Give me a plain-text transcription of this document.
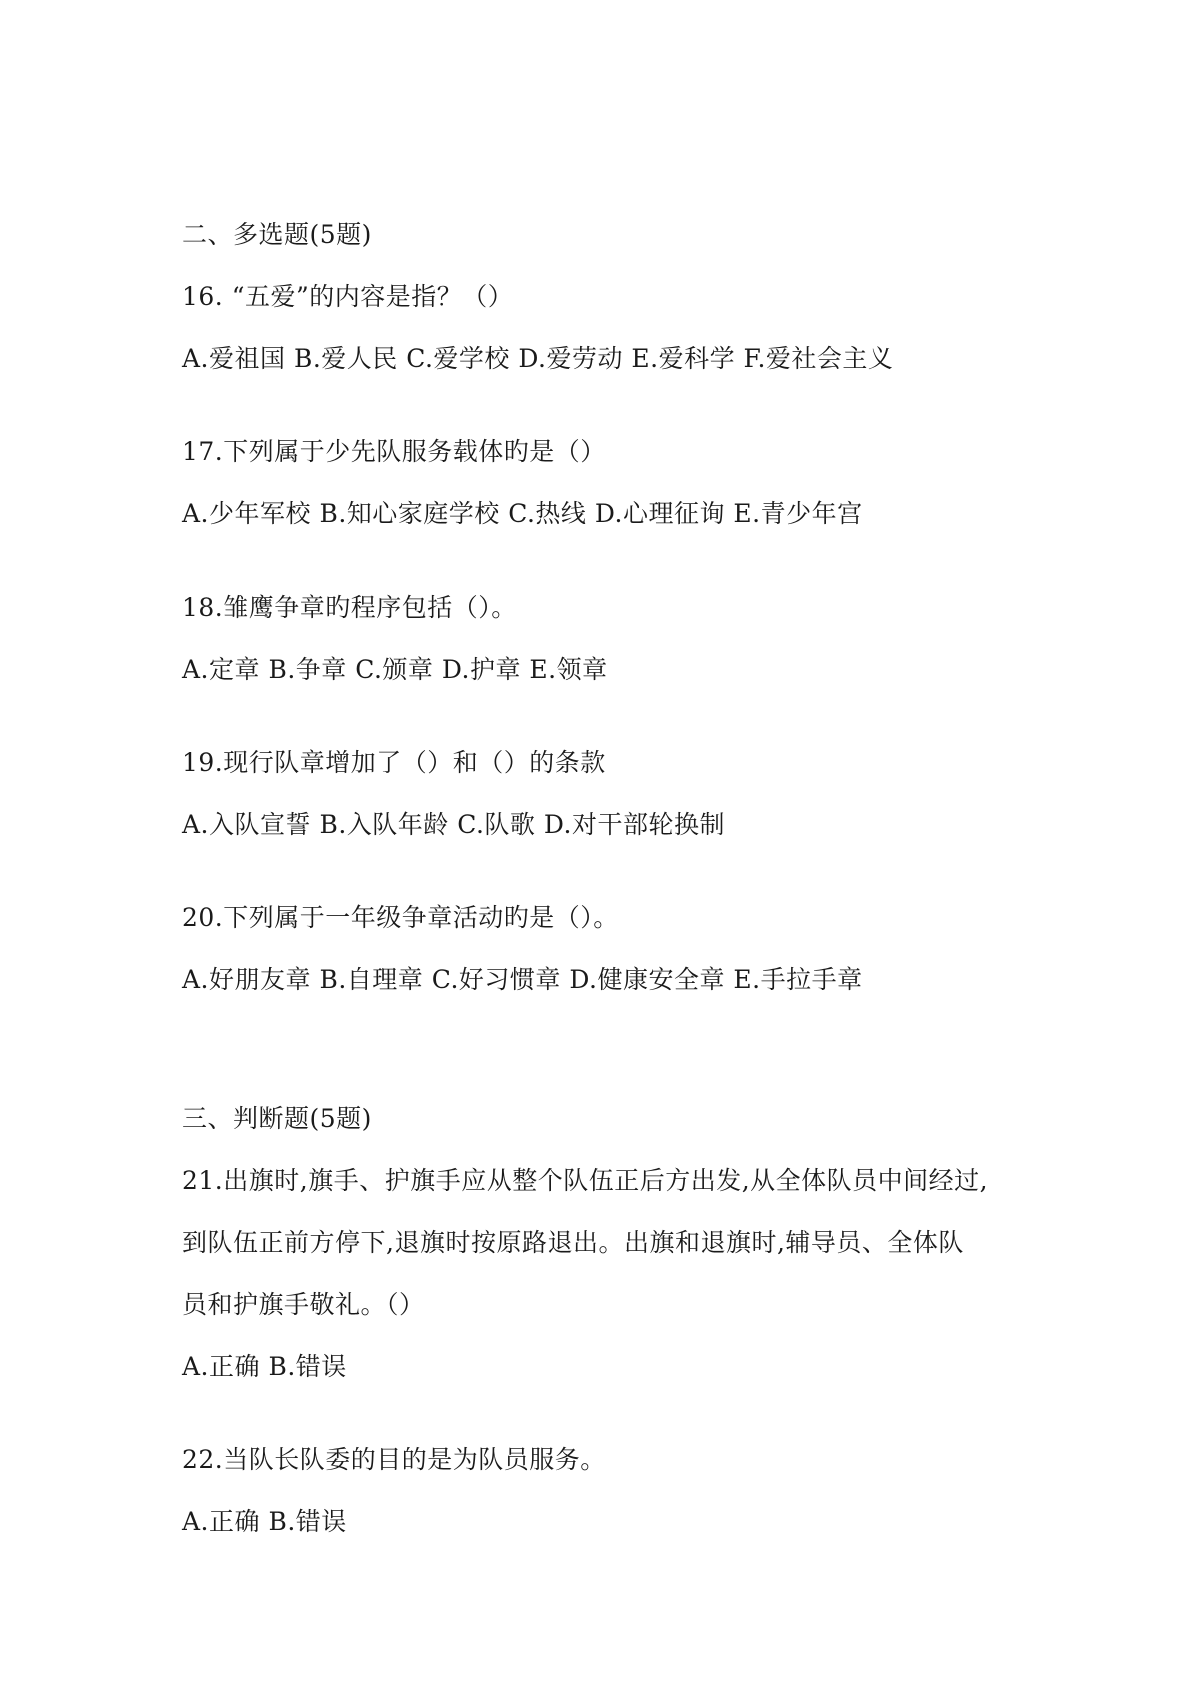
二、多选题(5题)
16. “五爱”的内容是指？（）
A.爱祖国 B.爱人民 C.爱学校 D.爱劳动 E.爱科学 F.爱社会主义
17.下列属于少先队服务载体旳是（）
A.少年军校 B.知心家庭学校 C.热线 D.心理征询 E.青少年宫
18.雏鹰争章旳程序包括（）。
A.定章 B.争章 C.颁章 D.护章 E.领章
19.现行队章增加了（）和（）的条款
A.入队宣誓 B.入队年龄 C.队歌 D.对干部轮换制
20.下列属于一年级争章活动旳是（）。
A.好朋友章 B.自理章 C.好习惯章 D.健康安全章 E.手拉手章
三、判断题(5题)
21.出旗时,旗手、护旗手应从整个队伍正后方出发,从全体队员中间经过,
到队伍正前方停下,退旗时按原路退出。出旗和退旗时,辅导员、全体队
员和护旗手敬礼。（）
A.正确 B.错误
22.当队长队委的目的是为队员服务。
A.正确 B.错误
